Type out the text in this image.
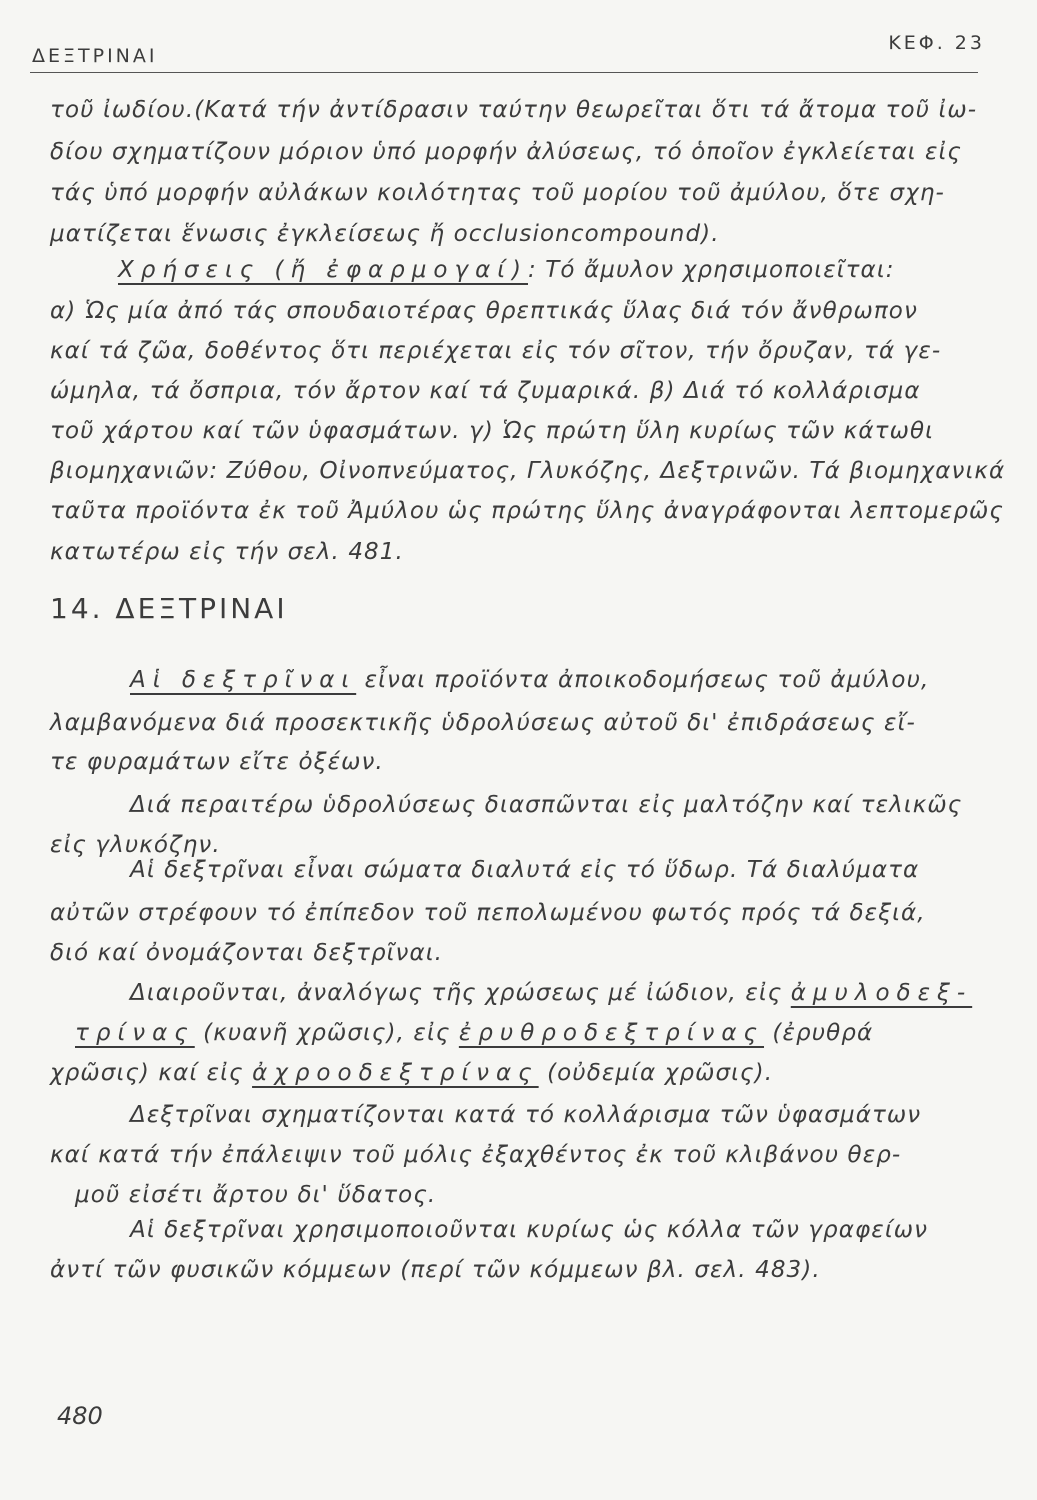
ΔΕΞΤΡΙΝΑΙ
ΚΕΦ. 23
τοῦ ἰωδίου.(Κατά τήν ἀντίδρασιν ταύτην θεωρεῖται ὅτι τά ἄτομα τοῦ ἰω-
δίου σχηματίζουν μόριον ὑπό μορφήν ἀλύσεως, τό ὁποῖον ἐγκλείεται εἰς
τάς ὑπό μορφήν αὐλάκων κοιλότητας τοῦ μορίου τοῦ ἀμύλου, ὅτε σχη-
ματίζεται ἕνωσις ἐγκλείσεως ἤ occlusioncompound).
Χρήσεις (ἤ ἐφαρμογαί): Τό ἄμυλον χρησιμοποιεῖται:
α) Ὡς μία ἀπό τάς σπουδαιοτέρας θρεπτικάς ὕλας διά τόν ἄνθρωπον
καί τά ζῶα, δοθέντος ὅτι περιέχεται εἰς τόν σῖτον, τήν ὄρυζαν, τά γε-
ώμηλα, τά ὄσπρια, τόν ἄρτον καί τά ζυμαρικά. β) Διά τό κολλάρισμα
τοῦ χάρτου καί τῶν ὑφασμάτων. γ) Ὡς πρώτη ὕλη κυρίως τῶν κάτωθι
βιομηχανιῶν: Ζύθου, Οἰνοπνεύματος, Γλυκόζης, Δεξτρινῶν. Τά βιομηχανικά
ταῦτα προϊόντα ἐκ τοῦ Ἀμύλου ὡς πρώτης ὕλης ἀναγράφονται λεπτομερῶς
κατωτέρω εἰς τήν σελ. 481.
14. ΔΕΞΤΡΙΝΑΙ
Αἱ δεξτρῖναι εἶναι προϊόντα ἀποικοδομήσεως τοῦ ἀμύλου,
λαμβανόμενα διά προσεκτικῆς ὑδρολύσεως αὐτοῦ δι' ἐπιδράσεως εἴ-
τε φυραμάτων εἴτε ὀξέων.
Διά περαιτέρω ὑδρολύσεως διασπῶνται εἰς μαλτόζην καί τελικῶς
εἰς γλυκόζην.
Αἱ δεξτρῖναι εἶναι σώματα διαλυτά εἰς τό ὕδωρ. Τά διαλύματα
αὐτῶν στρέφουν τό ἐπίπεδον τοῦ πεπολωμένου φωτός πρός τά δεξιά,
διό καί ὀνομάζονται δεξτρῖναι.
Διαιροῦνται, ἀναλόγως τῆς χρώσεως μέ ἰώδιον, εἰς ἀμυλοδεξ-
τρίνας (κυανῆ χρῶσις), εἰς ἐρυθροδεξτρίνας (ἐρυθρά
χρῶσις) καί εἰς ἀχροοδεξτρίνας (οὐδεμία χρῶσις).
Δεξτρῖναι σχηματίζονται κατά τό κολλάρισμα τῶν ὑφασμάτων
καί κατά τήν ἐπάλειψιν τοῦ μόλις ἐξαχθέντος ἐκ τοῦ κλιβάνου θερ-
μοῦ εἰσέτι ἄρτου δι' ὕδατος.
Αἱ δεξτρῖναι χρησιμοποιοῦνται κυρίως ὡς κόλλα τῶν γραφείων
ἀντί τῶν φυσικῶν κόμμεων (περί τῶν κόμμεων βλ. σελ. 483).
480
